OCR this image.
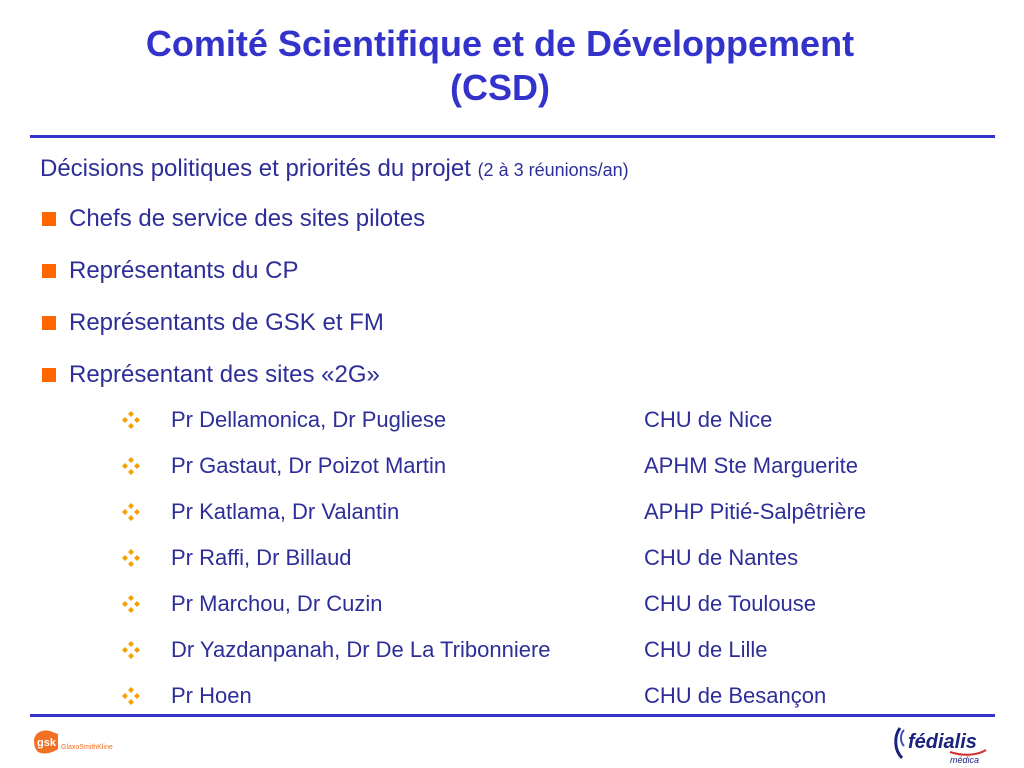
Comité Scientifique et de Développement
(CSD)
Décisions politiques et priorités du projet (2 à 3 réunions/an)
Chefs de service des sites pilotes
Représentants du CP
Représentants de GSK et FM
Représentant des sites «2G»
Pr Dellamonica, Dr Pugliese	CHU de Nice
Pr Gastaut, Dr Poizot Martin	APHM Ste Marguerite
Pr Katlama, Dr Valantin	APHP Pitié-Salpêtrière
Pr Raffi, Dr Billaud	CHU de Nantes
Pr Marchou, Dr Cuzin	CHU de Toulouse
Dr Yazdanpanah, Dr De La Tribonniere	CHU de Lille
Pr Hoen	CHU de Besançon
gsk GlaxoSmithKline	fédialis
médica
